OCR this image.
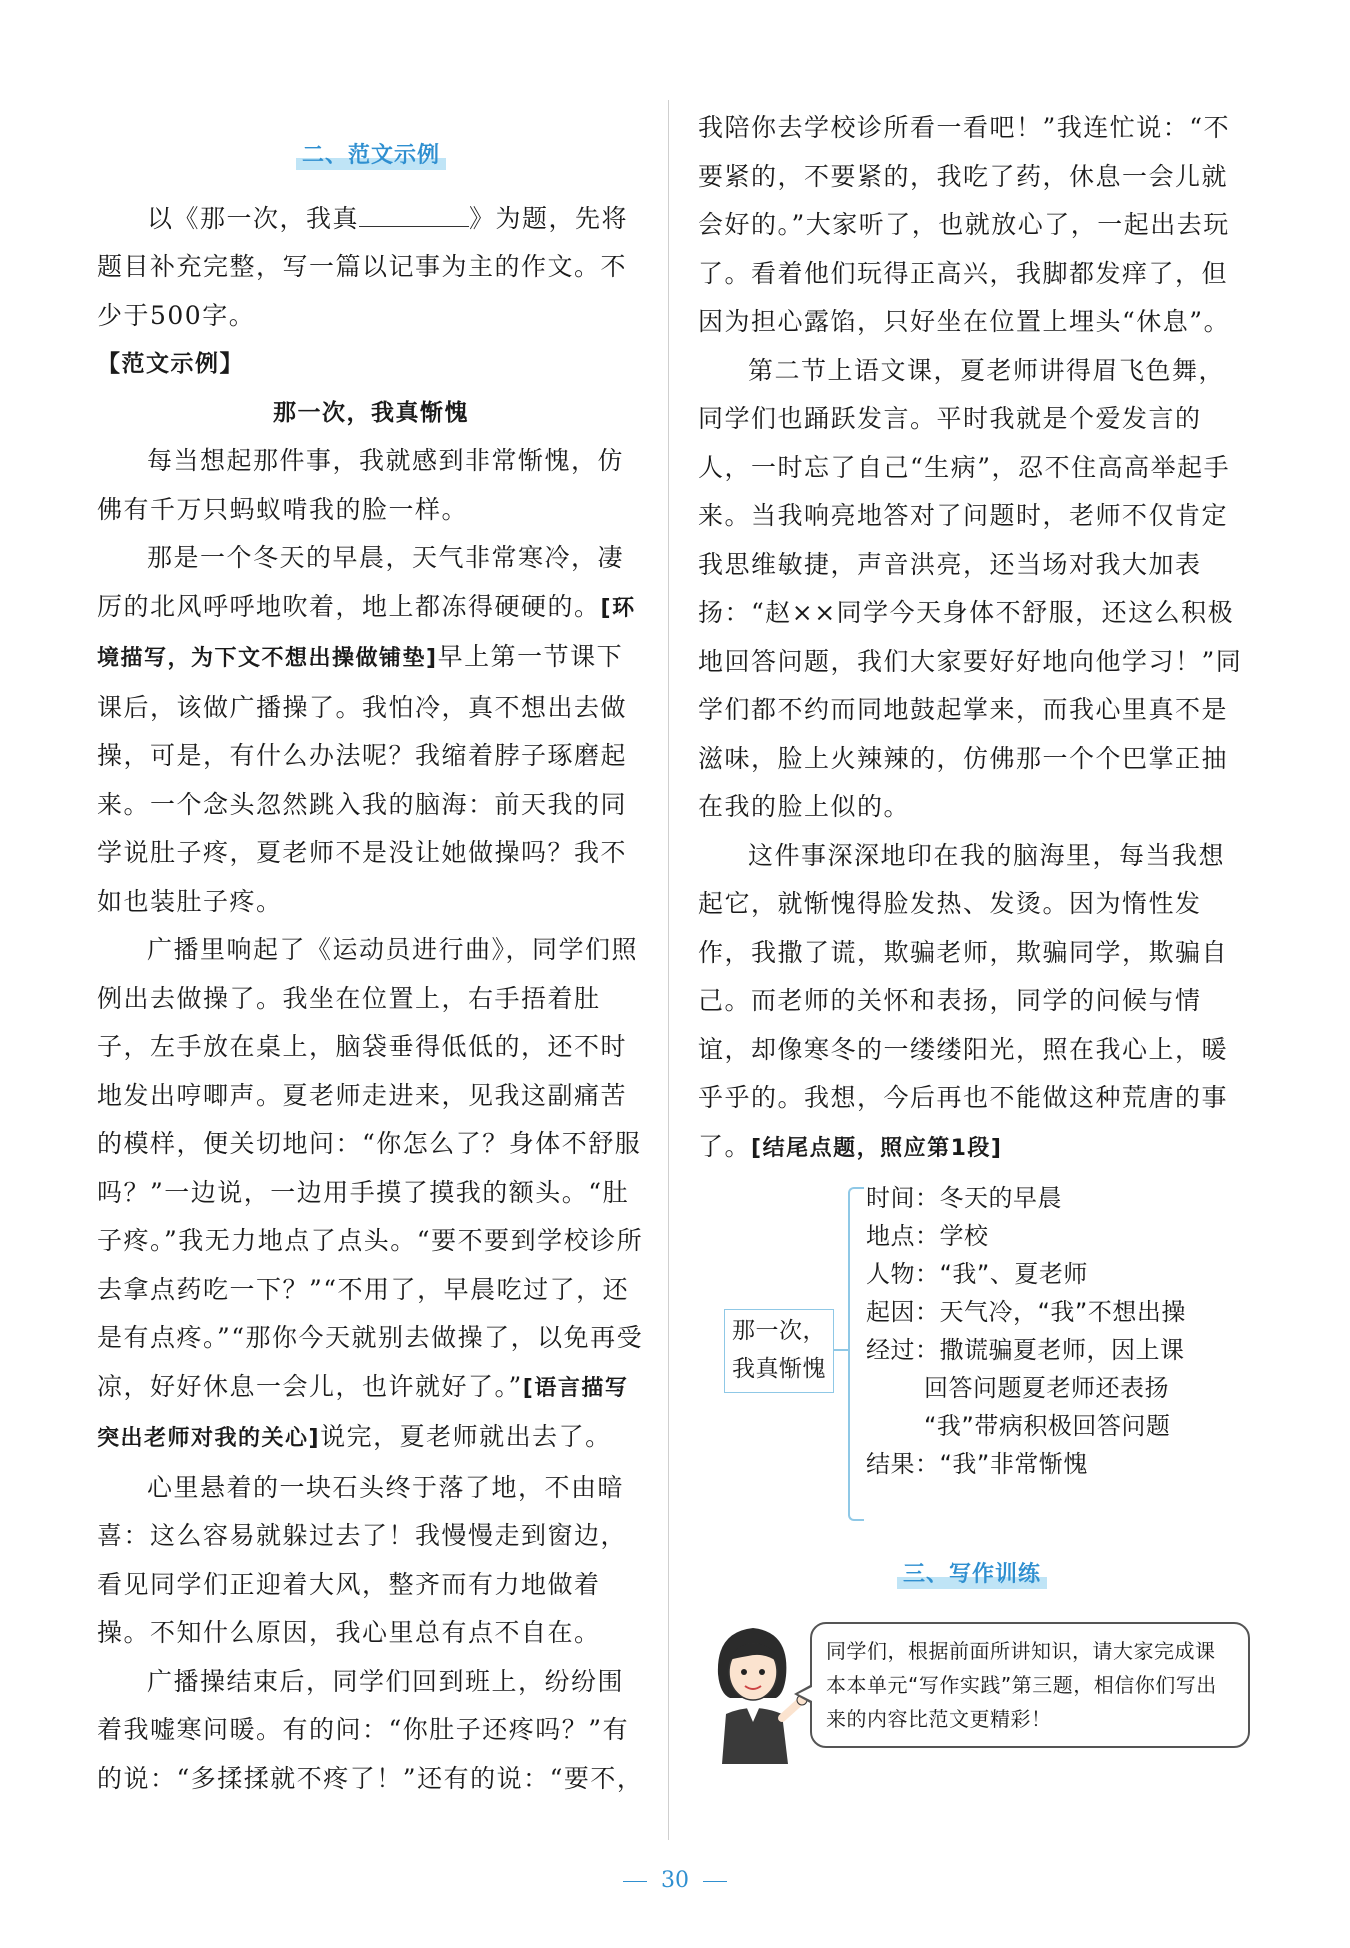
二、范文示例

以《那一次，我真	》为题，先将题目补充完整，写一篇以记事为主的作文。不少于500字。

【范文示例】

那一次，我真惭愧

每当想起那件事，我就感到非常惭愧，仿佛有千万只蚂蚁啃我的脸一样。

那是一个冬天的早晨，天气非常寒冷，凄厉的北风呼呼地吹着，地上都冻得硬硬的。[环境描写，为下文不想出操做铺垫]早上第一节课下课后，该做广播操了。我怕冷，真不想出去做操，可是，有什么办法呢？我缩着脖子琢磨起来。一个念头忽然跳入我的脑海：前天我的同学说肚子疼，夏老师不是没让她做操吗？我不如也装肚子疼。

广播里响起了《运动员进行曲》，同学们照例出去做操了。我坐在位置上，右手捂着肚子，左手放在桌上，脑袋垂得低低的，还不时地发出哼唧声。夏老师走进来，见我这副痛苦的模样，便关切地问：“你怎么了？身体不舒服吗？”一边说，一边用手摸了摸我的额头。“肚子疼。”我无力地点了点头。“要不要到学校诊所去拿点药吃一下？”“不用了，早晨吃过了，还是有点疼。”“那你今天就别去做操了，以免再受凉，好好休息一会儿，也许就好了。”[语言描写突出老师对我的关心]说完，夏老师就出去了。

心里悬着的一块石头终于落了地，不由暗喜：这么容易就躲过去了！我慢慢走到窗边，看见同学们正迎着大风，整齐而有力地做着操。不知什么原因，我心里总有点不自在。

广播操结束后，同学们回到班上，纷纷围着我嘘寒问暖。有的问：“你肚子还疼吗？”有的说：“多揉揉就不疼了！”还有的说：“要不，

我陪你去学校诊所看一看吧！”我连忙说：“不要紧的，不要紧的，我吃了药，休息一会儿就会好的。”大家听了，也就放心了，一起出去玩了。看着他们玩得正高兴，我脚都发痒了，但因为担心露馅，只好坐在位置上埋头“休息”。

第二节上语文课，夏老师讲得眉飞色舞，同学们也踊跃发言。平时我就是个爱发言的人，一时忘了自己“生病”，忍不住高高举起手来。当我响亮地答对了问题时，老师不仅肯定我思维敏捷，声音洪亮，还当场对我大加表扬：“赵××同学今天身体不舒服，还这么积极地回答问题，我们大家要好好地向他学习！”同学们都不约而同地鼓起掌来，而我心里真不是滋味，脸上火辣辣的，仿佛那一个个巴掌正抽在我的脸上似的。

这件事深深地印在我的脑海里，每当我想起它，就惭愧得脸发热、发烫。因为惰性发作，我撒了谎，欺骗老师，欺骗同学，欺骗自己。而老师的关怀和表扬，同学的问候与情谊，却像寒冬的一缕缕阳光，照在我心上，暖乎乎的。我想，今后再也不能做这种荒唐的事了。[结尾点题，照应第1段]

那一次，
我真惭愧
时间：冬天的早晨
地点：学校
人物：“我”、夏老师
起因：天气冷，“我”不想出操
经过：撒谎骗夏老师，因上课
回答问题夏老师还表扬
“我”带病积极回答问题
结果：“我”非常惭愧
三、写作训练
同学们，根据前面所讲知识，请大家完成课本本单元“写作实践”第三题，相信你们写出来的内容比范文更精彩！
30
